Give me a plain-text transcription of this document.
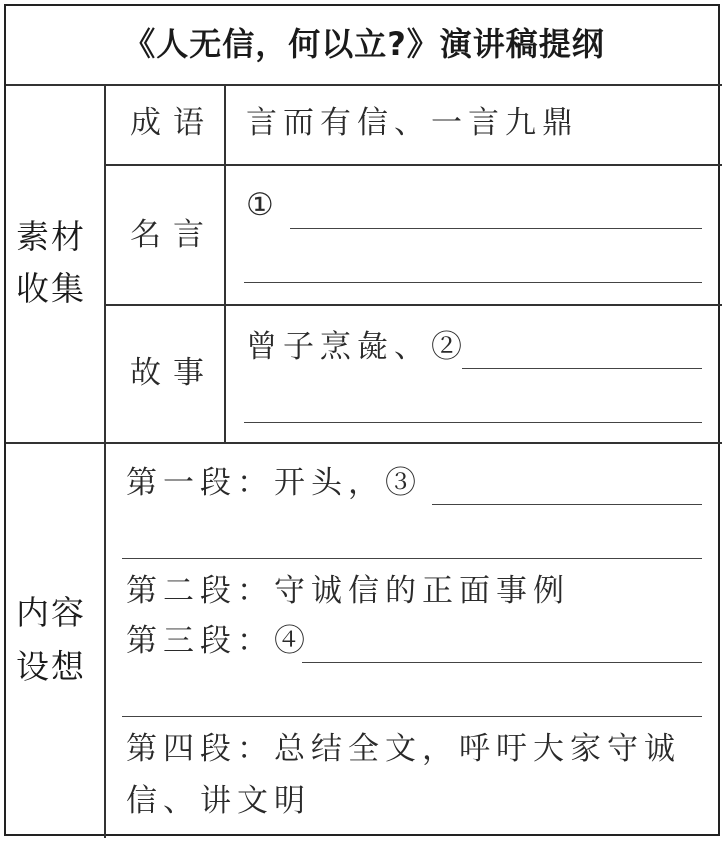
《人无信，何以立?》演讲稿提纲
素材
收集
成语 言而有信、一言九鼎
名言
①
故事
曾子烹彘、②
内容
设想
第一段：开头，③
第二段：守诚信的正面事例
第三段：④
第四段：总结全文，呼吁大家守诚
信、讲文明
